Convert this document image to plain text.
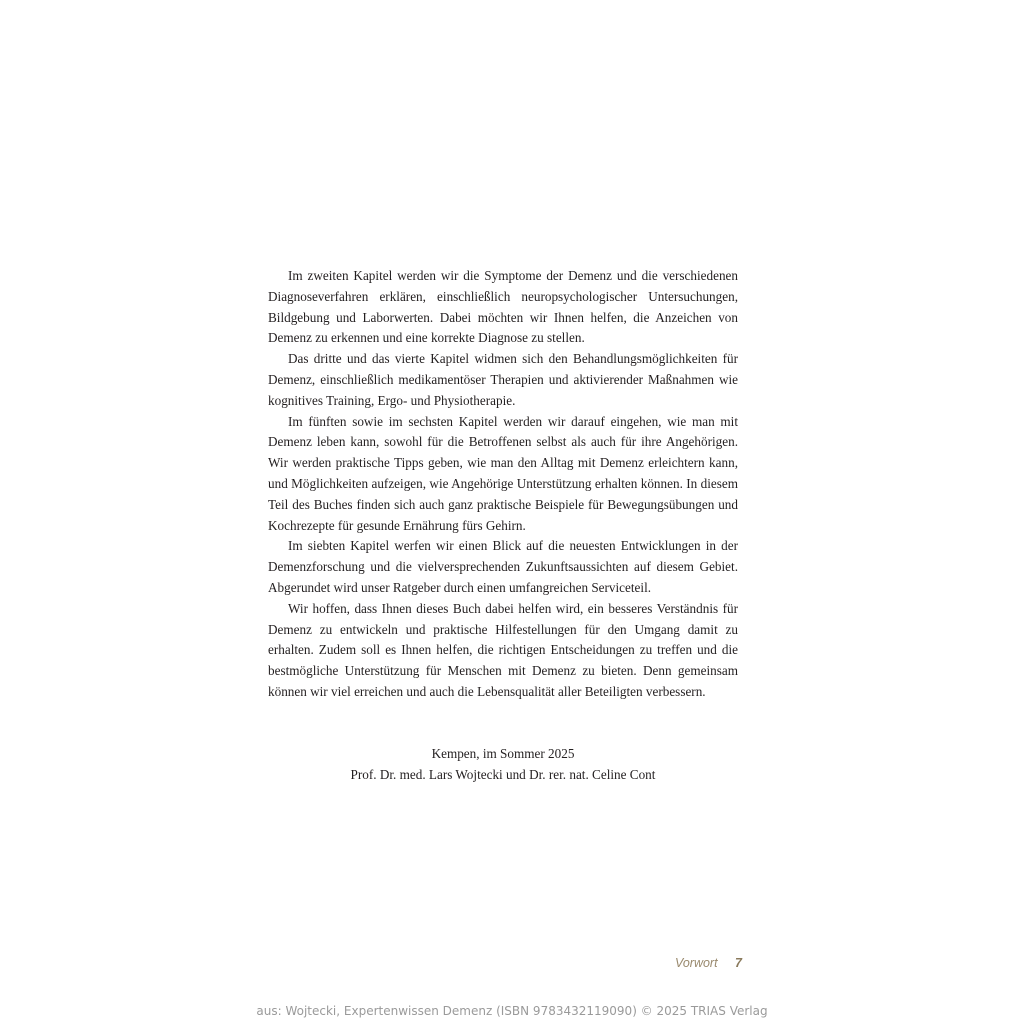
Im zweiten Kapitel werden wir die Symptome der Demenz und die verschiedenen Diagnoseverfahren erklären, einschließlich neuropsychologischer Untersuchungen, Bildgebung und Laborwerten. Dabei möchten wir Ihnen helfen, die Anzeichen von Demenz zu erkennen und eine korrekte Diagnose zu stellen.

Das dritte und das vierte Kapitel widmen sich den Behandlungsmöglichkeiten für Demenz, einschließlich medikamentöser Therapien und aktivierender Maßnahmen wie kognitives Training, Ergo- und Physiotherapie.

Im fünften sowie im sechsten Kapitel werden wir darauf eingehen, wie man mit Demenz leben kann, sowohl für die Betroffenen selbst als auch für ihre Angehörigen. Wir werden praktische Tipps geben, wie man den Alltag mit Demenz erleichtern kann, und Möglichkeiten aufzeigen, wie Angehörige Unterstützung erhalten können. In diesem Teil des Buches finden sich auch ganz praktische Beispiele für Bewegungsübungen und Kochrezepte für gesunde Ernährung fürs Gehirn.

Im siebten Kapitel werfen wir einen Blick auf die neuesten Entwicklungen in der Demenzforschung und die vielversprechenden Zukunftsaussichten auf diesem Gebiet. Abgerundet wird unser Ratgeber durch einen umfangreichen Serviceteil.

Wir hoffen, dass Ihnen dieses Buch dabei helfen wird, ein besseres Verständnis für Demenz zu entwickeln und praktische Hilfestellungen für den Umgang damit zu erhalten. Zudem soll es Ihnen helfen, die richtigen Entscheidungen zu treffen und die bestmögliche Unterstützung für Menschen mit Demenz zu bieten. Denn gemeinsam können wir viel erreichen und auch die Lebensqualität aller Beteiligten verbessern.

Kempen, im Sommer 2025
Prof. Dr. med. Lars Wojtecki und Dr. rer. nat. Celine Cont
Vorwort 7
aus: Wojtecki, Expertenwissen Demenz (ISBN 9783432119090) © 2025 TRIAS Verlag
